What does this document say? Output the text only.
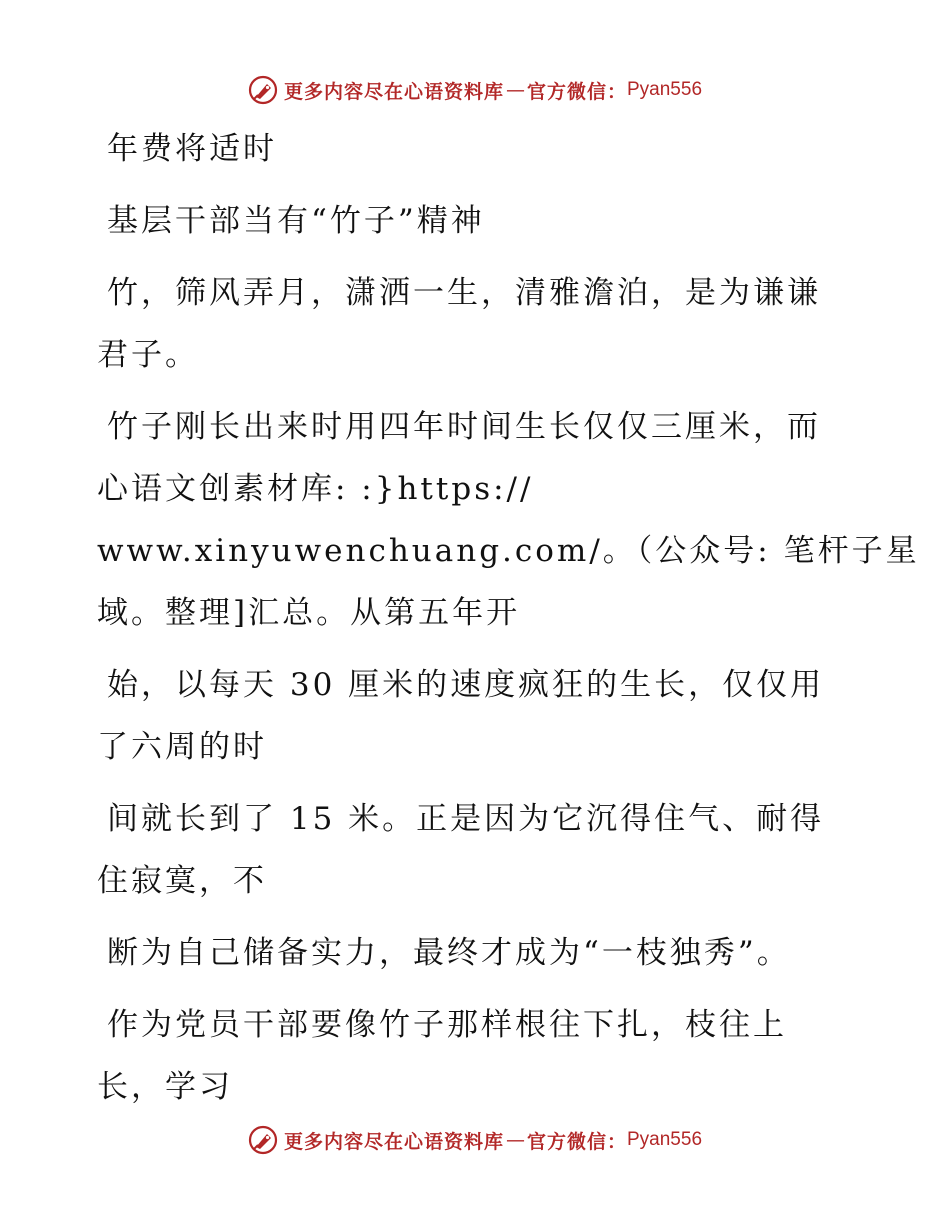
更多内容尽在心语资料库 — 官方微信： Pyan556
年费将适时
基层干部当有“竹子”精神
竹，筛风弄月，潇洒一生，清雅澹泊，是为谦谦
君子。
竹子刚长出来时用四年时间生长仅仅三厘米，而
心语文创素材库: :}https://
www.xinyuwenchuang.com/。（公众号: 笔杆子星
域。整理]汇总。从第五年开
始，以每天 30 厘米的速度疯狂的生长，仅仅用
了六周的时
间就长到了 15 米。正是因为它沉得住气、耐得
住寂寞，不
断为自己储备实力，最终才成为“一枝独秀”。
作为党员干部要像竹子那样根往下扎，枝往上
长，学习
更多内容尽在心语资料库 — 官方微信： Pyan556
